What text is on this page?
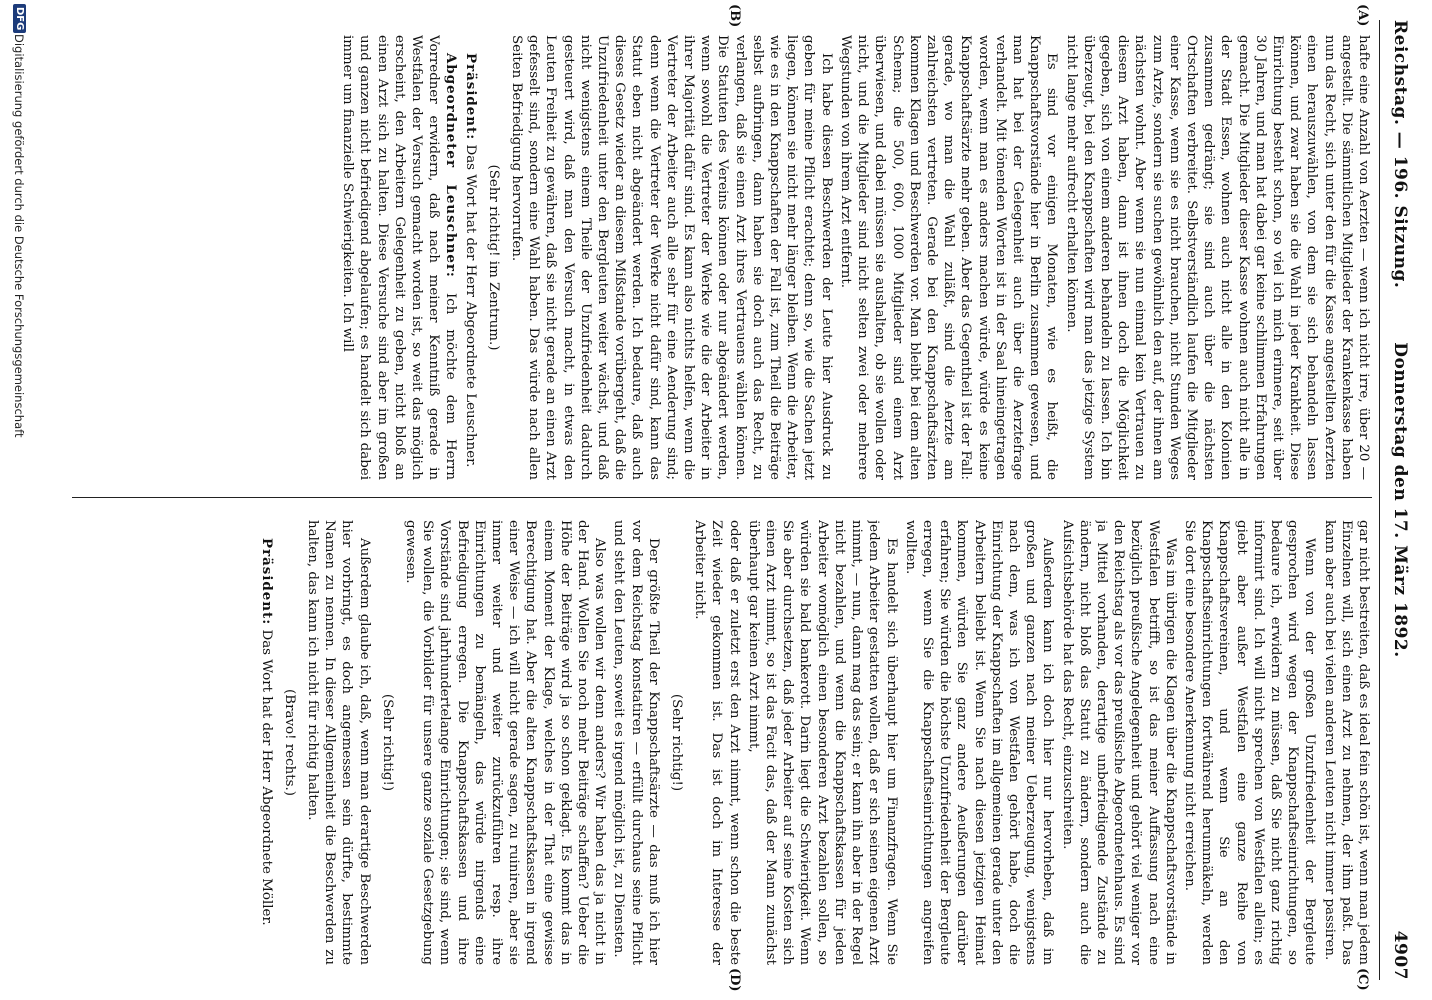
Reichstag. — 196. Sitzung.
Donnerstag den 17. März 1892.
4907
(A)
(B)
(C)
(D)

hafte eine Anzahl von Aerzten — wenn ich nicht irre, über 20 — angestellt. Die sämmtlichen Mitglieder der Krankenkasse haben nun das Recht, sich unter den für die Kasse angestellten Aerzten einen herauszuwählen, von dem sie sich behandeln lassen können, und zwar haben sie die Wahl in jeder Krankheit. Diese Einrichtung besteht schon, so viel ich mich erinnere, seit über 30 Jahren, und man hat dabei gar keine schlimmen Erfahrungen gemacht. Die Mitglieder dieser Kasse wohnen auch nicht alle in der Stadt Essen, wohnen auch nicht alle in den Kolonien zusammen gedrängt; sie sind auch über die nächsten Ortschaften verbreitet. Selbstverständlich laufen die Mitglieder einer Kasse, wenn sie es nicht brauchen, nicht Stunden Weges zum Arzte, sondern sie suchen gewöhnlich den auf, der ihnen am nächsten wohnt. Aber wenn sie nun einmal kein Vertrauen zu diesem Arzt haben, dann ist ihnen doch die Möglichkeit gegeben, sich von einem anderen behandeln zu lassen. Ich bin überzeugt, bei den Knappschaften wird man das jetzige System nicht lange mehr aufrecht erhalten können.

Es sind vor einigen Monaten, wie es heißt, die Knappschaftsvorstände hier in Berlin zusammen gewesen, und man hat bei der Gelegenheit auch über die Aerztefrage verhandelt. Mit tönenden Worten ist in der Saal hineingetragen worden, wenn man es anders machen würde, würde es keine Knappschaftsärzte mehr geben. Aber das Gegentheil ist der Fall: gerade, wo man die Wahl zuläßt, sind die Aerzte am zahlreichsten vertreten. Gerade bei den Knappschaftsärzten kommen Klagen und Beschwerden vor. Man bleibt bei dem alten Schema; die 500, 600, 1000 Mitglieder sind einem Arzt überwiesen, und dabei müssen sie aushalten, ob sie wollen oder nicht, und die Mitglieder sind nicht selten zwei oder mehrere Wegstunden von ihrem Arzt entfernt.

Ich habe diesen Beschwerden der Leute hier Ausdruck zu geben für meine Pflicht erachtet; denn so, wie die Sachen jetzt liegen, können sie nicht mehr länger bleiben. Wenn die Arbeiter, wie es in den Knappschaften der Fall ist, zum Theil die Beiträge selbst aufbringen, dann haben sie doch auch das Recht, zu verlangen, daß sie einen Arzt ihres Vertrauens wählen können. Die Statuten des Vereins können oder nur abgeändert werden, wenn sowohl die Vertreter der Werke wie die der Arbeiter in ihrer Majorität dafür sind. Es kann also nichts helfen, wenn die Vertreter der Arbeiter auch alle sehr für eine Aenderung sind; denn wenn die Vertreter der Werke nicht dafür sind, kann das Statut eben nicht abgeändert werden. Ich bedaure, daß auch dieses Gesetz wieder an diesem Mißstande vorübergeht, daß die Unzufriedenheit unter den Bergleuten weiter wächst, und daß nicht wenigstens einem Theile der Unzufriedenheit dadurch gesteuert wird, daß man den Versuch macht, in etwas den Leuten Freiheit zu gewähren, daß sie nicht gerade an einen Arzt gefesselt sind, sondern eine Wahl haben. Das würde nach allen Seiten Befriedigung hervorrufen.

(Sehr richtig! im Zentrum.)

Präsident: Das Wort hat der Herr Abgeordnete Leuschner.

Abgeordneter Leuschner: Ich möchte dem Herrn Vorredner erwidern, daß nach meiner Kenntniß gerade in Westfalen der Versuch gemacht worden ist, so weit das möglich erscheint, den Arbeitern Gelegenheit zu geben, nicht bloß an einen Arzt sich zu halten. Diese Versuche sind aber im großen und ganzen nicht befriedigend abgelaufen; es handelt sich dabei immer um finanzielle Schwierigkeiten. Ich will

gar nicht bestreiten, daß es ideal fein schön ist, wenn man jedem Einzelnen will, sich einen Arzt zu nehmen, der ihm paßt. Das kann aber auch bei vielen anderen Leuten nicht immer passiren.

Wenn von der großen Unzufriedenheit der Bergleute gesprochen wird wegen der Knappschaftseinrichtungen, so bedaure ich, erwidern zu müssen, daß Sie nicht ganz richtig informirt sind. Ich will nicht sprechen von Westfalen allein; es giebt aber außer Westfalen eine ganze Reihe von Knappschaftsvereinen, und wenn Sie an den Knappschaftseinrichtungen fortwährend herummäkeln, werden Sie dort eine besondere Anerkennung nicht erreichen.

Was im übrigen die Klagen über die Knappschaftsvorstände in Westfalen betrifft, so ist das meiner Auffassung nach eine bezüglich preußische Angelegenheit und gehört viel weniger vor den Reichstag als vor das preußische Abgeordnetenhaus. Es sind ja Mittel vorhanden, derartige unbefriedigende Zustände zu ändern, nicht bloß das Statut zu ändern, sondern auch die Aufsichtsbehörde hat das Recht, einzuschreiten.

Außerdem kann ich doch hier nur hervorheben, daß im großen und ganzen nach meiner Ueberzeugung, wenigstens nach dem, was ich von Westfalen gehört habe, doch die Einrichtung der Knappschaften im allgemeinen gerade unter den Arbeitern beliebt ist. Wenn Sie nach diesen jetzigen Heimat kommen, würden Sie ganz andere Aeußerungen darüber erfahren; Sie würden die höchste Unzufriedenheit der Bergleute erregen, wenn Sie die Knappschaftseinrichtungen angreifen wollten.

Es handelt sich überhaupt hier um Finanzfragen. Wenn Sie jedem Arbeiter gestatten wollen, daß er sich seinen eigenen Arzt nimmt, — nun, dann mag das sein; er kann ihn aber in der Regel nicht bezahlen, und wenn die Knappschaftskassen für jeden Arbeiter womöglich einen besonderen Arzt bezahlen sollen, so würden sie bald bankerott. Darin liegt die Schwierigkeit. Wenn Sie aber durchsetzen, daß jeder Arbeiter auf seine Kosten sich einen Arzt nimmt, so ist das Facit das, daß der Mann zunächst überhaupt gar keinen Arzt nimmt,

oder daß er zuletzt erst den Arzt nimmt, wenn schon die beste Zeit wieder gekommen ist. Das ist doch im Interesse der Arbeiter nicht.

(Sehr richtig!)

Der größte Theil der Knappschaftsärzte — das muß ich hier vor dem Reichstag konstatiren — erfüllt durchaus seine Pflicht und steht den Leuten, soweit es irgend möglich ist, zu Diensten.

Also was wollen wir denn anders? Wir haben das ja nicht in der Hand. Wollen Sie noch mehr Beiträge schaffen? Ueber die Höhe der Beiträge wird ja so schon geklagt. Es kommt das in einem Moment der Klage, welches in der That eine gewisse Berechtigung hat. Aber die alten Knappschaftskassen in irgend einer Weise — ich will nicht gerade sagen, zu ruiniren, aber sie immer weiter und weiter zurückzuführen resp. ihre Einrichtungen zu bemängeln, das würde nirgends eine Befriedigung erregen. Die Knappschaftskassen und ihre Vorstände sind jahrhundertelange Einrichtungen; sie sind, wenn Sie wollen, die Vorbilder für unsere ganze soziale Gesetzgebung gewesen.

(Sehr richtig!)

Außerdem glaube ich, daß, wenn man derartige Beschwerden hier vorbringt, es doch angemessen sein dürfte, bestimmte Namen zu nennen. In dieser Allgemeinheit die Beschwerden zu halten, das kann ich nicht für richtig halten.

(Bravo! rechts.)

Präsident: Das Wort hat der Herr Abgeordnete Möller.

DFG
Digitalisierung gefördert durch die Deutsche Forschungsgemeinschaft
